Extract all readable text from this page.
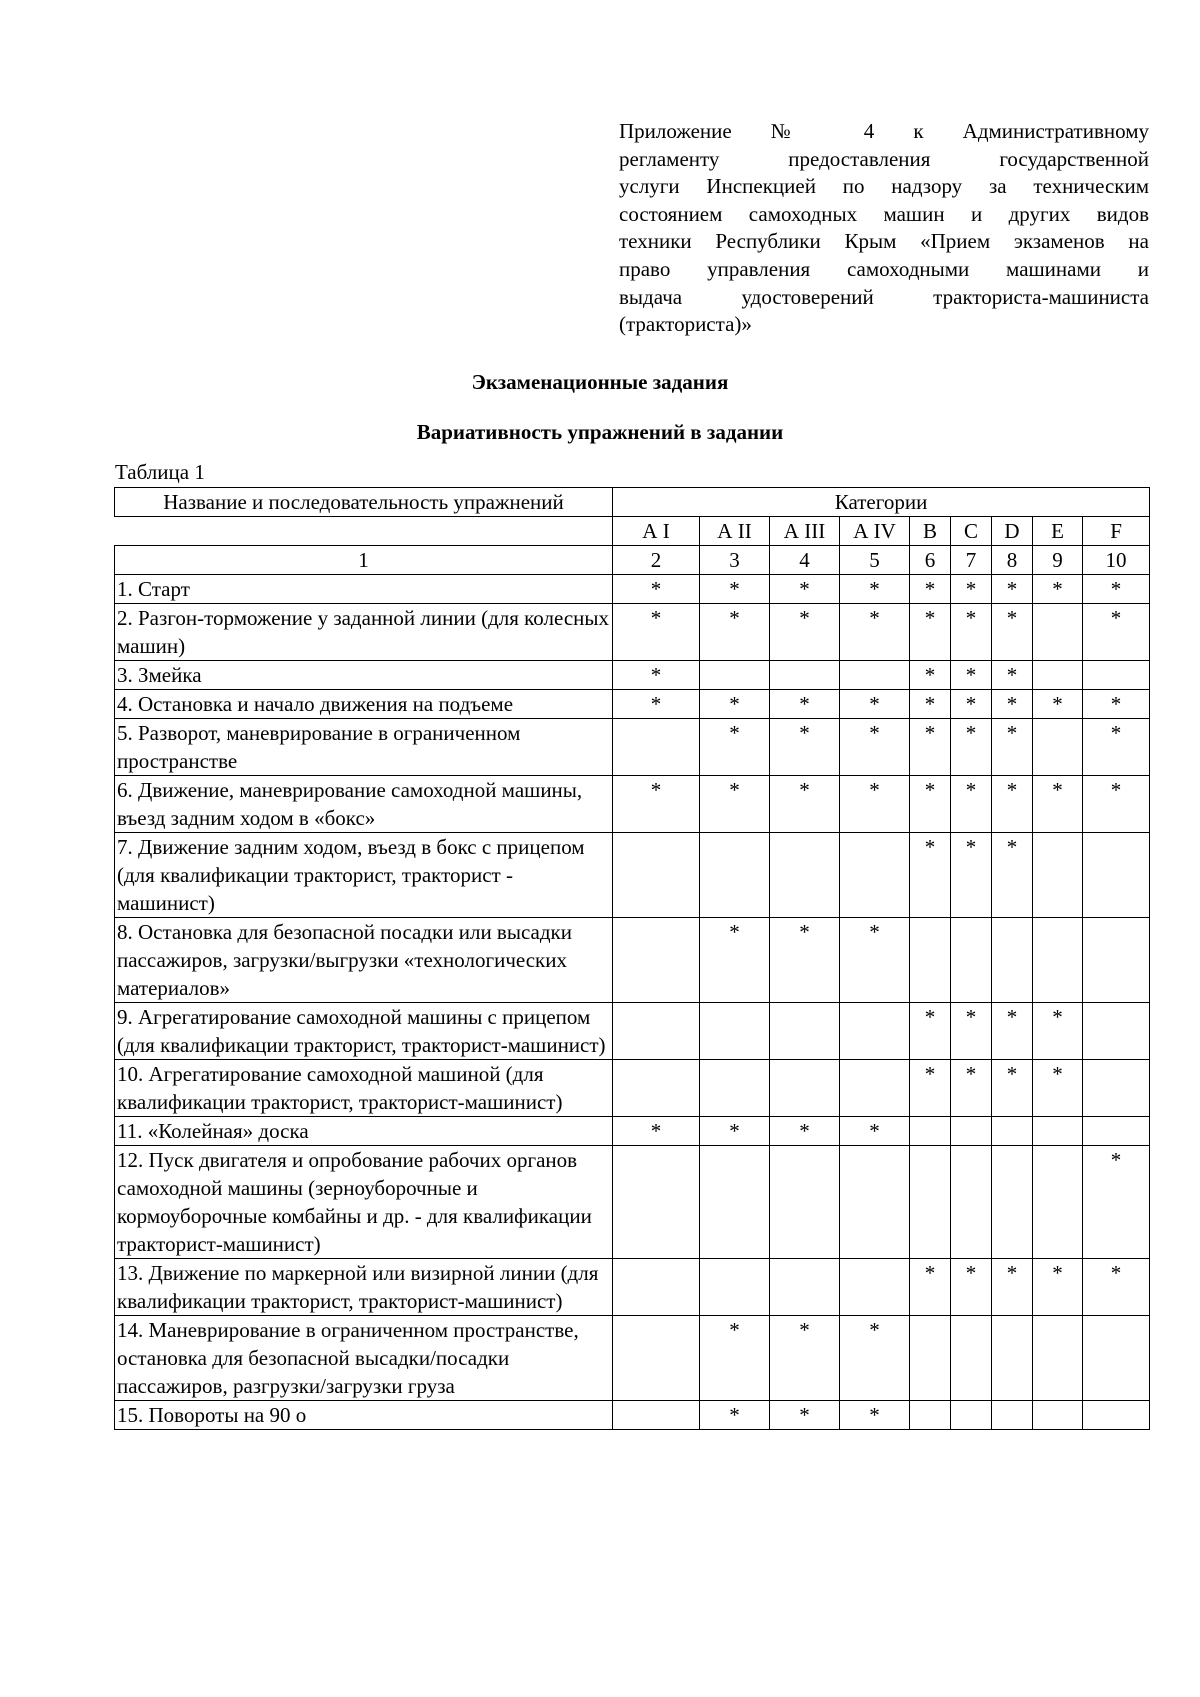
Приложение № 4 к Административному
регламенту предоставления государственной
услуги Инспекцией по надзору за техническим
состоянием самоходных машин и других видов
техники Республики Крым «Прием экзаменов на
право управления самоходными машинами и
выдача удостоверений тракториста-машиниста
(тракториста)»

Экзаменационные задания
Вариативность упражнений в задании
Таблица 1
Название и последовательность упражнений	Категории								
	А I	А II	А III	А IV	В	С	D	Е	F
1	2	3	4	5	6	7	8	9	10
1. Старт	*	*	*	*	*	*	*	*	*
2. Разгон-торможение у заданной линии (для колесных машин)	*	*	*	*	*	*	*		*
3. Змейка	*				*	*	*		
4. Остановка и начало движения на подъеме	*	*	*	*	*	*	*	*	*
5. Разворот, маневрирование в ограниченном пространстве		*	*	*	*	*	*		*
6. Движение, маневрирование самоходной машины, въезд задним ходом в «бокс»	*	*	*	*	*	*	*	*	*
7. Движение задним ходом, въезд в бокс с прицепом (для квалификации тракторист, тракторист - машинист)					*	*	*		
8. Остановка для безопасной посадки или высадки пассажиров, загрузки/выгрузки «технологических материалов»		*	*	*					
9. Агрегатирование самоходной машины с прицепом (для квалификации тракторист, тракторист-машинист)					*	*	*	*	
10. Агрегатирование самоходной машиной (для квалификации тракторист, тракторист-машинист)					*	*	*	*	
11. «Колейная» доска	*	*	*	*					
12. Пуск двигателя и опробование рабочих органов самоходной машины (зерноуборочные и кормоуборочные комбайны и др. - для квалификации тракторист-машинист)									*
13. Движение по маркерной или визирной линии (для квалификации тракторист, тракторист-машинист)					*	*	*	*	*
14. Маневрирование в ограниченном пространстве, остановка для безопасной высадки/посадки пассажиров, разгрузки/загрузки груза		*	*	*					
15. Повороты на 90 о		*	*	*					
